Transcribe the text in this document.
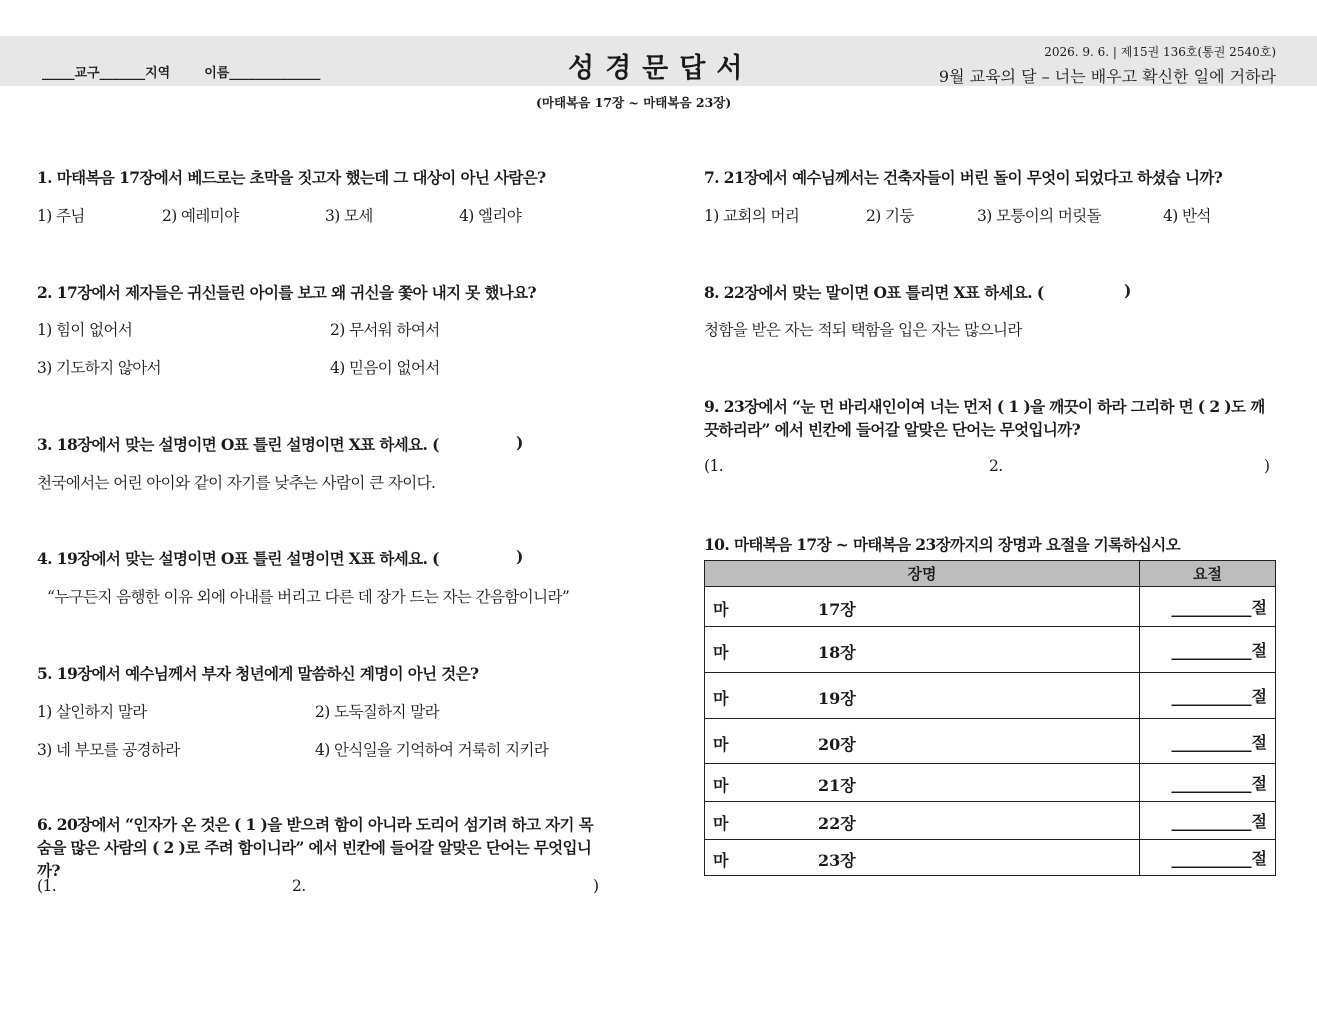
_____교구_______지역	이름______________	성경문답서
(마태복음 17장 ~ 마태복음 23장)
2026. 9. 6. | 제15권 136호(통권 2540호)
9월 교육의 달 – 너는 배우고 확신한 일에 거하라
1. 마태복음 17장에서 베드로는 초막을 짓고자 했는데 그 대상이 아닌 사람은?
1) 주님	2) 예레미야	3) 모세	4) 엘리야
2. 17장에서 제자들은 귀신들린 아이를 보고 왜 귀신을 쫓아 내지 못 했나요?
1) 힘이 없어서	2) 무서워 하여서
3) 기도하지 않아서	4) 믿음이 없어서
3. 18장에서 맞는 설명이면 O표 틀린 설명이면 X표 하세요. (	)
천국에서는 어린 아이와 같이 자기를 낮추는 사람이 큰 자이다.
4. 19장에서 맞는 설명이면 O표 틀린 설명이면 X표 하세요. (	)
“누구든지 음행한 이유 외에 아내를 버리고 다른 데 장가 드는 자는 간음함이니라”
5. 19장에서 예수님께서 부자 청년에게 말씀하신 계명이 아닌 것은?
1) 살인하지 말라	2) 도둑질하지 말라
3) 네 부모를 공경하라	4) 안식일을 기억하여 거룩히 지키라
6. 20장에서 “인자가 온 것은 ( 1 )을 받으려 함이 아니라 도리어 섬기려 하고 자기 목숨을 많은 사람의 ( 2 )로 주려 함이니라” 에서 빈칸에 들어갈 알맞은 단어는 무엇입니 까?
(1.	2.	)
7. 21장에서 예수님께서는 건축자들이 버린 돌이 무엇이 되었다고 하셨습 니까?
1) 교회의 머리	2) 기둥	3) 모퉁이의 머릿돌	4) 반석
8. 22장에서 맞는 말이면 O표 틀리면 X표 하세요. (	)
청함을 받은 자는 적되 택함을 입은 자는 많으니라
9. 23장에서 “눈 먼 바리새인이여 너는 먼저 ( 1 )을 깨끗이 하라 그리하 면 ( 2 )도 깨끗하리라” 에서 빈칸에 들어갈 알맞은 단어는 무엇입니까?
(1.	2.	)
10. 마태복음 17장 ~ 마태복음 23장까지의 장명과 요절을 기록하십시오
장명	요절

마 17장	__________절

마 18장	__________절

마 19장	__________절

마 20장	__________절

마 21장	__________절

마 22장	__________절

마 23장	__________절
